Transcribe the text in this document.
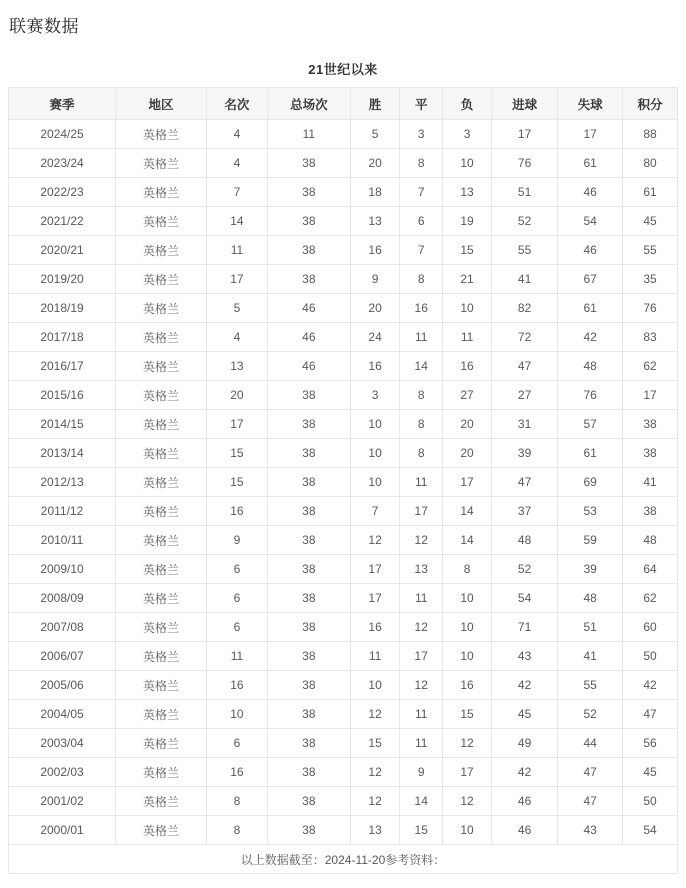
联赛数据
21世纪以来
赛季	地区	名次	总场次	胜	平	负	进球	失球	积分
2024/25	英格兰	4	11	5	3	3	17	17	88
2023/24	英格兰	4	38	20	8	10	76	61	80
2022/23	英格兰	7	38	18	7	13	51	46	61
2021/22	英格兰	14	38	13	6	19	52	54	45
2020/21	英格兰	11	38	16	7	15	55	46	55
2019/20	英格兰	17	38	9	8	21	41	67	35
2018/19	英格兰	5	46	20	16	10	82	61	76
2017/18	英格兰	4	46	24	11	11	72	42	83
2016/17	英格兰	13	46	16	14	16	47	48	62
2015/16	英格兰	20	38	3	8	27	27	76	17
2014/15	英格兰	17	38	10	8	20	31	57	38
2013/14	英格兰	15	38	10	8	20	39	61	38
2012/13	英格兰	15	38	10	11	17	47	69	41
2011/12	英格兰	16	38	7	17	14	37	53	38
2010/11	英格兰	9	38	12	12	14	48	59	48
2009/10	英格兰	6	38	17	13	8	52	39	64
2008/09	英格兰	6	38	17	11	10	54	48	62
2007/08	英格兰	6	38	16	12	10	71	51	60
2006/07	英格兰	11	38	11	17	10	43	41	50
2005/06	英格兰	16	38	10	12	16	42	55	42
2004/05	英格兰	10	38	12	11	15	45	52	47
2003/04	英格兰	6	38	15	11	12	49	44	56
2002/03	英格兰	16	38	12	9	17	42	47	45
2001/02	英格兰	8	38	12	14	12	46	47	50
2000/01	英格兰	8	38	13	15	10	46	43	54
以上数据截至：2024-11-20参考资料：									
